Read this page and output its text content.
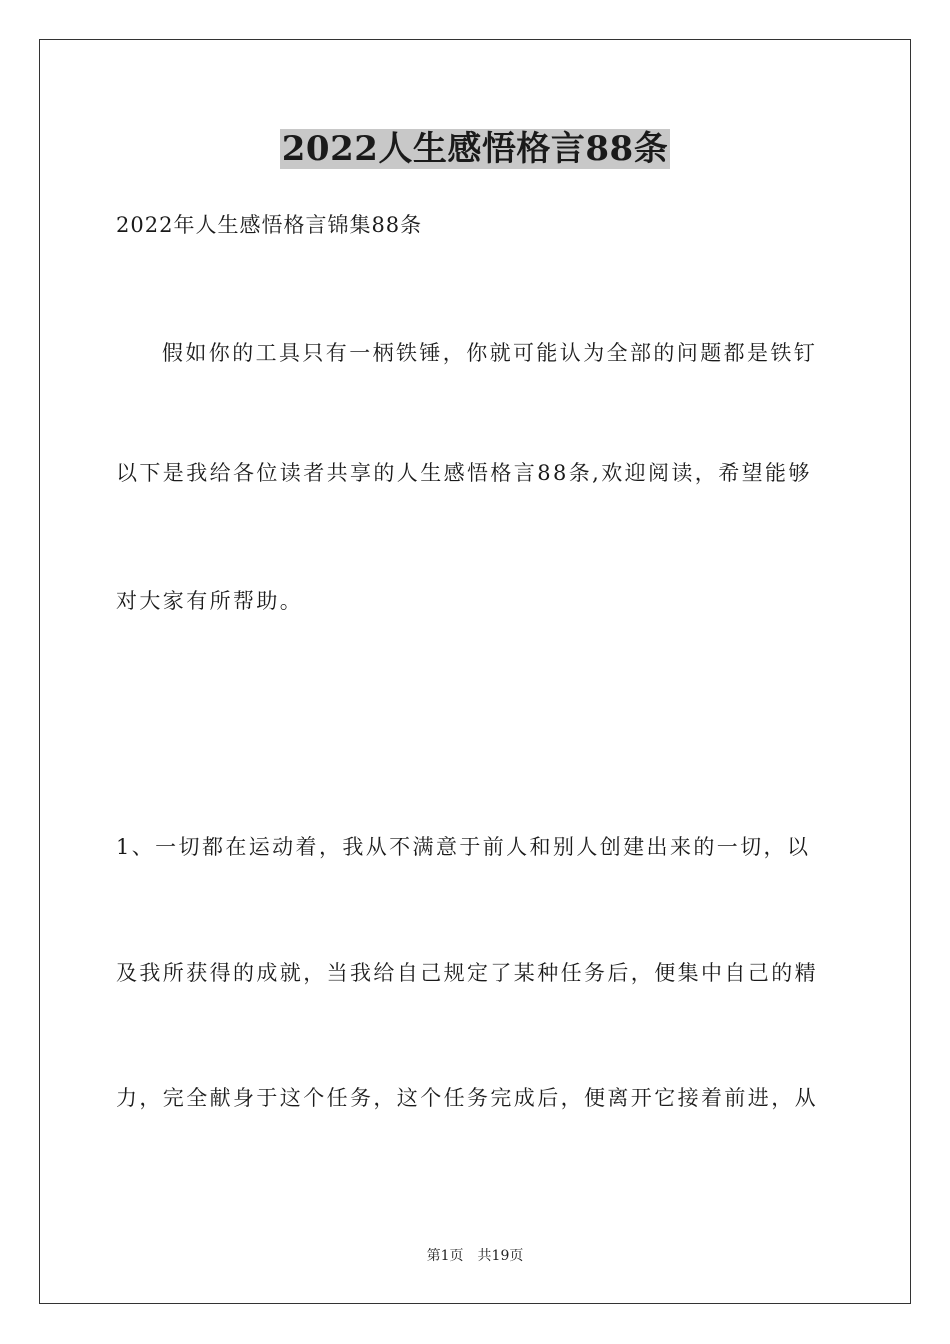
2022人生感悟格言88条
2022年人生感悟格言锦集88条
假如你的工具只有一柄铁锤，你就可能认为全部的问题都是铁钉
以下是我给各位读者共享的人生感悟格言88条,欢迎阅读，希望能够
对大家有所帮助。
1、一切都在运动着，我从不满意于前人和别人创建出来的一切，以
及我所获得的成就，当我给自己规定了某种任务后，便集中自己的精
力，完全献身于这个任务，这个任务完成后，便离开它接着前进，从
第1页 共19页
